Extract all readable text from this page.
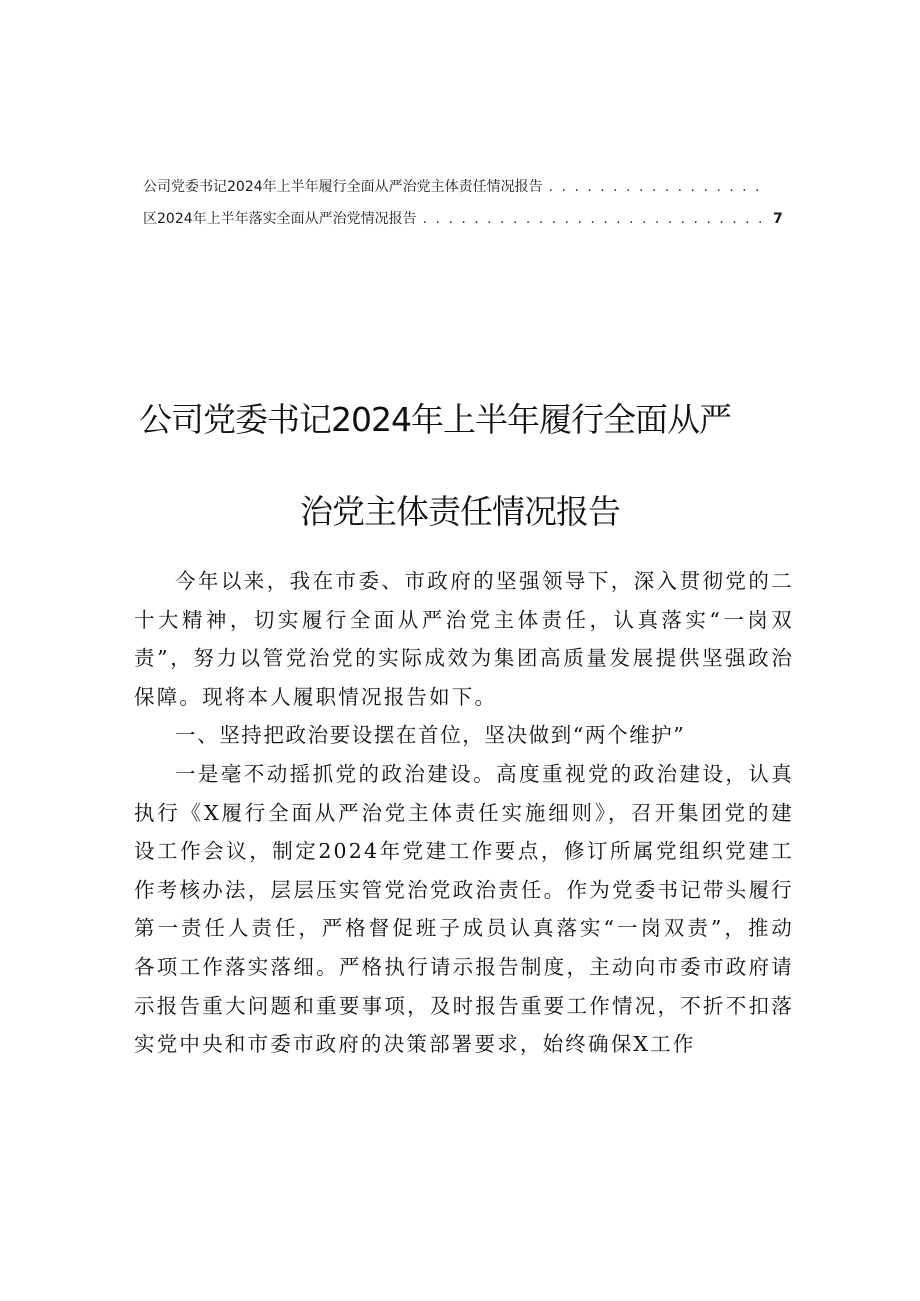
公司党委书记2024年上半年履行全面从严治党主体责任情况报告
. . .
区2024年上半年落实全面从严治党情况报告
. . .	7
公司党委书记2024年上半年履行全面从严
治党主体责任情况报告

今年以来，我在市委、市政府的坚强领导下，深入贯彻党的二十大精神，切实履行全面从严治党主体责任，认真落实“一岗双责”，努力以管党治党的实际成效为集团高质量发展提供坚强政治保障。现将本人履职情况报告如下。

一、坚持把政治要设摆在首位，坚决做到“两个维护”

一是毫不动摇抓党的政治建设。高度重视党的政治建设，认真执行《X履行全面从严治党主体责任实施细则》，召开集团党的建设工作会议，制定2024年党建工作要点，修订所属党组织党建工作考核办法，层层压实管党治党政治责任。作为党委书记带头履行第一责任人责任，严格督促班子成员认真落实“一岗双责”，推动各项工作落实落细。严格执行请示报告制度，主动向市委市政府请示报告重大问题和重要事项，及时报告重要工作情况，不折不扣落实党中央和市委市政府的决策部署要求，始终确保X工作
